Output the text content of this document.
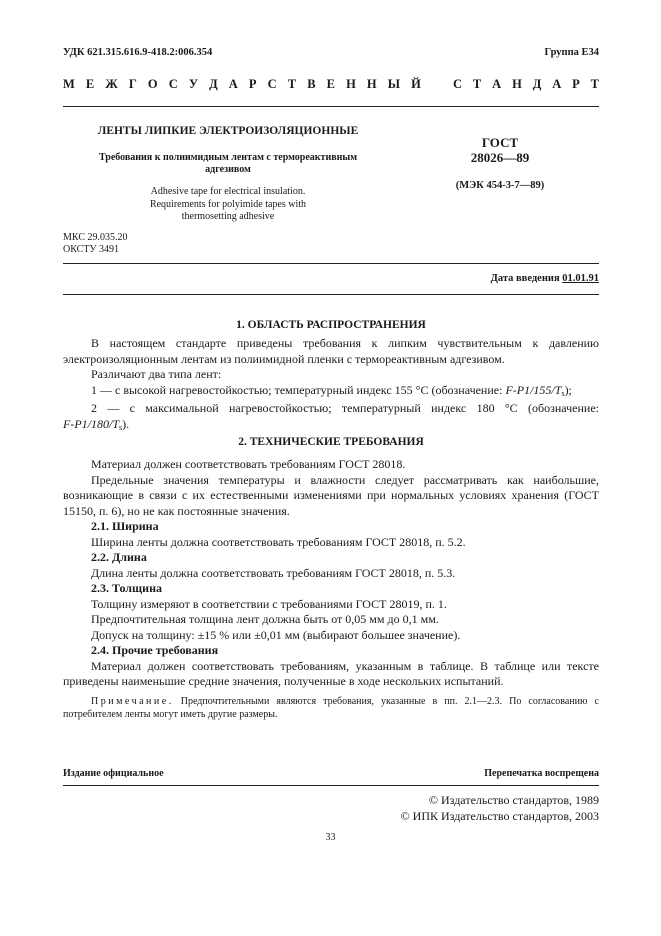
УДК 621.315.616.9-418.2:006.354	Группа Е34
М Е Ж Г О С У Д А Р С Т В Е Н Н Ы Й	С Т А Н Д А Р Т
ЛЕНТЫ ЛИПКИЕ ЭЛЕКТРОИЗОЛЯЦИОННЫЕ
Требования к полиимидным лентам с термореактивным
адгезивом
Adhesive tape for electrical insulation.
Requirements for polyimide tapes with
thermosetting adhesive
ГОСТ
28026—89
(МЭК 454-3-7—89)
МКС 29.035.20
ОКСТУ 3491
Дата введения 01.01.91
1. ОБЛАСТЬ РАСПРОСТРАНЕНИЯ
В настоящем стандарте приведены требования к липким чувствительным к давлению электроизоляционным лентам из полиимидной пленки с термореактивным адгезивом.
Различают два типа лент:
1 — с высокой нагревостойкостью; температурный индекс 155 °С (обозначение: $F-P1/155/T_s$);
2 — с максимальной нагревостойкостью; температурный индекс 180 °С (обозначение:
$F-P1/180/T_s$).
2. ТЕХНИЧЕСКИЕ ТРЕБОВАНИЯ
Материал должен соответствовать требованиям ГОСТ 28018.
Предельные значения температуры и влажности следует рассматривать как наибольшие, возникающие в связи с их естественными изменениями при нормальных условиях хранения (ГОСТ 15150, п. 6), но не как постоянные значения.
2.1. Ширина
Ширина ленты должна соответствовать требованиям ГОСТ 28018, п. 5.2.
2.2. Длина
Длина ленты должна соответствовать требованиям ГОСТ 28018, п. 5.3.
2.3. Толщина
Толщину измеряют в соответствии с требованиями ГОСТ 28019, п. 1.
Предпочтительная толщина лент должна быть от 0,05 мм до 0,1 мм.
Допуск на толщину: ±15 % или ±0,01 мм (выбирают большее значение).
2.4. Прочие требования
Материал должен соответствовать требованиям, указанным в таблице. В таблице или тексте приведены наименьшие средние значения, полученные в ходе нескольких испытаний.
Примечание. Предпочтительными являются требования, указанные в пп. 2.1—2.3. По согласованию с потребителем ленты могут иметь другие размеры.
Издание официальное	Перепечатка воспрещена
© Издательство стандартов, 1989
© ИПК Издательство стандартов, 2003
33
